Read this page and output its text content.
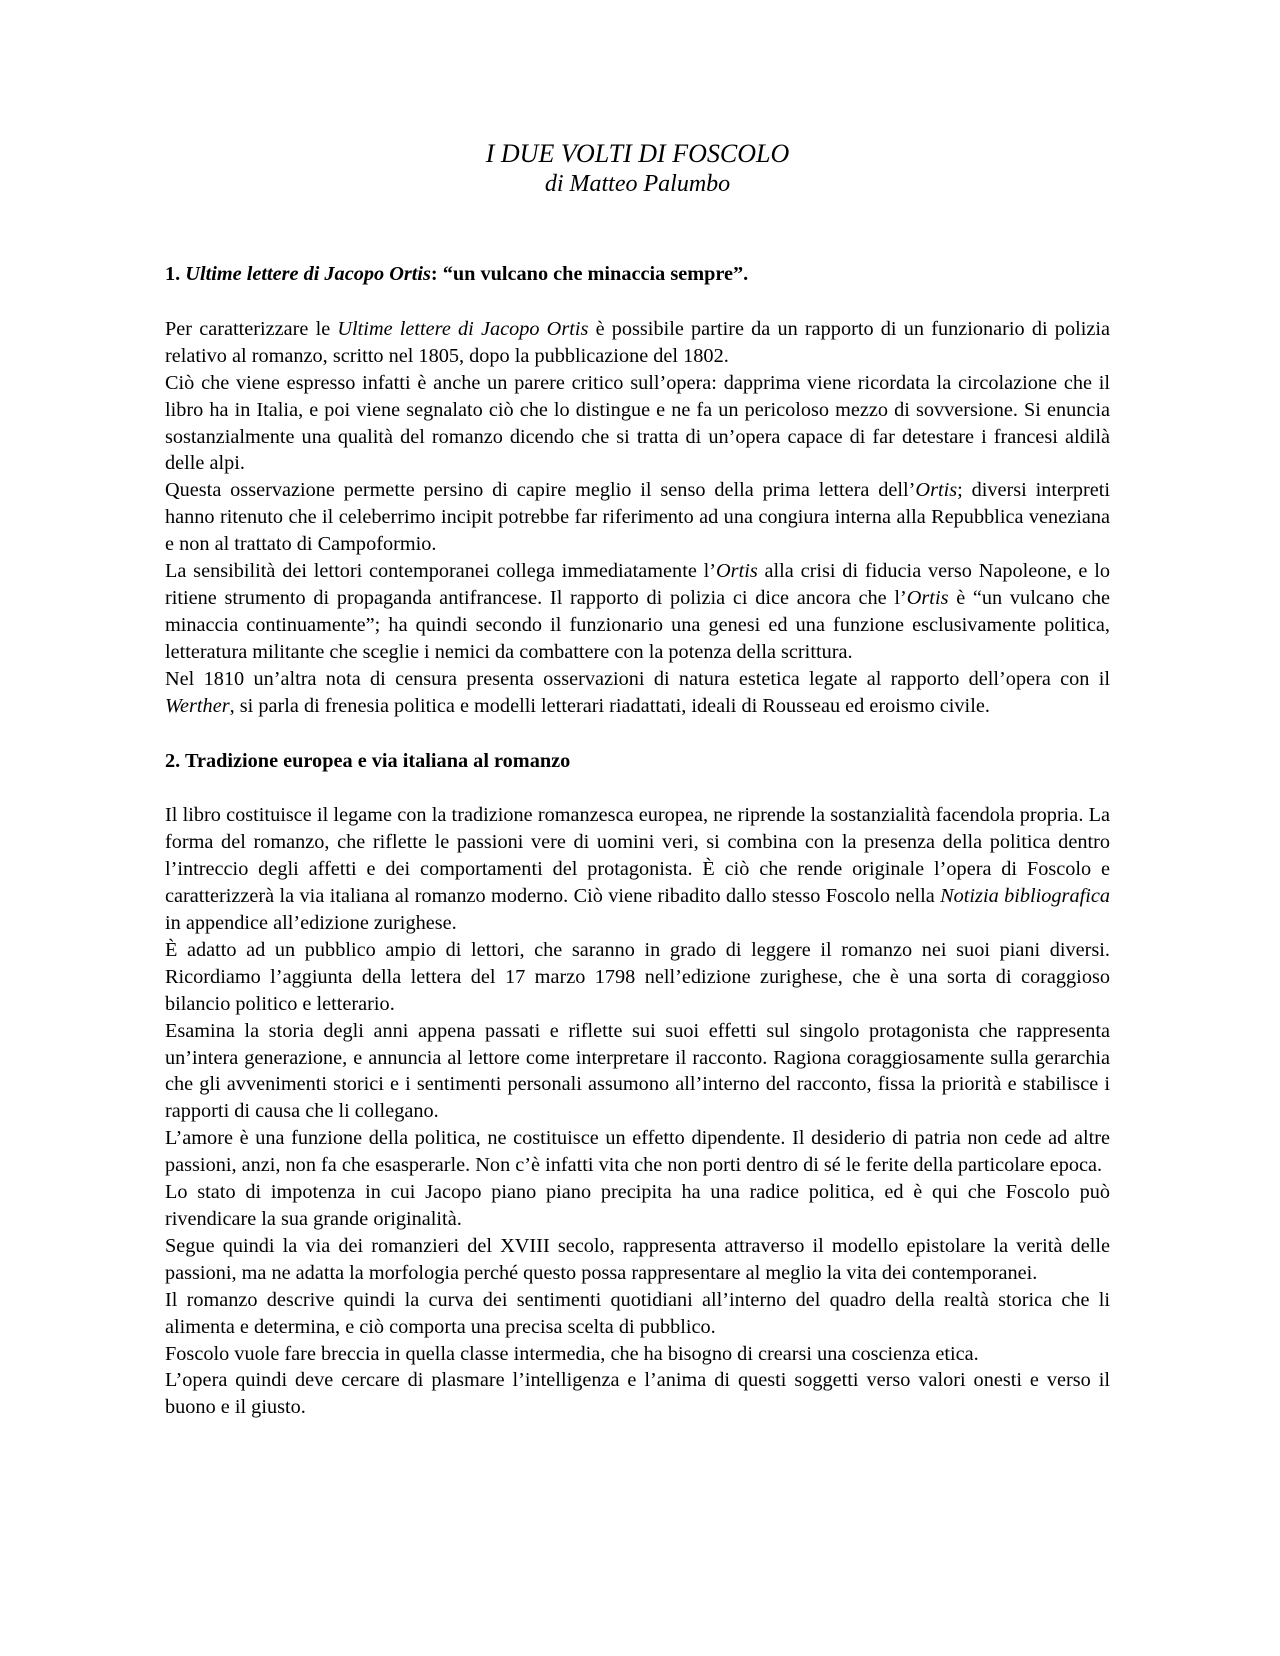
I DUE VOLTI DI FOSCOLO
di Matteo Palumbo
1. Ultime lettere di Jacopo Ortis: “un vulcano che minaccia sempre”.

Per caratterizzare le Ultime lettere di Jacopo Ortis è possibile partire da un rapporto di un funzionario di polizia relativo al romanzo, scritto nel 1805, dopo la pubblicazione del 1802.

Ciò che viene espresso infatti è anche un parere critico sull’opera: dapprima viene ricordata la circolazione che il libro ha in Italia, e poi viene segnalato ciò che lo distingue e ne fa un pericoloso mezzo di sovversione. Si enuncia sostanzialmente una qualità del romanzo dicendo che si tratta di un’opera capace di far detestare i francesi aldilà delle alpi.

Questa osservazione permette persino di capire meglio il senso della prima lettera dell’Ortis; diversi interpreti hanno ritenuto che il celeberrimo incipit potrebbe far riferimento ad una congiura interna alla Repubblica veneziana e non al trattato di Campoformio.

La sensibilità dei lettori contemporanei collega immediatamente l’Ortis alla crisi di fiducia verso Napoleone, e lo ritiene strumento di propaganda antifrancese. Il rapporto di polizia ci dice ancora che l’Ortis è “un vulcano che minaccia continuamente”; ha quindi secondo il funzionario una genesi ed una funzione esclusivamente politica, letteratura militante che sceglie i nemici da combattere con la potenza della scrittura.

Nel 1810 un’altra nota di censura presenta osservazioni di natura estetica legate al rapporto dell’opera con il Werther, si parla di frenesia politica e modelli letterari riadattati, ideali di Rousseau ed eroismo civile.

2. Tradizione europea e via italiana al romanzo

Il libro costituisce il legame con la tradizione romanzesca europea, ne riprende la sostanzialità facendola propria. La forma del romanzo, che riflette le passioni vere di uomini veri, si combina con la presenza della politica dentro l’intreccio degli affetti e dei comportamenti del protagonista. È ciò che rende originale l’opera di Foscolo e caratterizzerà la via italiana al romanzo moderno. Ciò viene ribadito dallo stesso Foscolo nella Notizia bibliografica in appendice all’edizione zurighese.

È adatto ad un pubblico ampio di lettori, che saranno in grado di leggere il romanzo nei suoi piani diversi. Ricordiamo l’aggiunta della lettera del 17 marzo 1798 nell’edizione zurighese, che è una sorta di coraggioso bilancio politico e letterario.

Esamina la storia degli anni appena passati e riflette sui suoi effetti sul singolo protagonista che rappresenta un’intera generazione, e annuncia al lettore come interpretare il racconto. Ragiona coraggiosamente sulla gerarchia che gli avvenimenti storici e i sentimenti personali assumono all’interno del racconto, fissa la priorità e stabilisce i rapporti di causa che li collegano.

L’amore è una funzione della politica, ne costituisce un effetto dipendente. Il desiderio di patria non cede ad altre passioni, anzi, non fa che esasperarle. Non c’è infatti vita che non porti dentro di sé le ferite della particolare epoca.

Lo stato di impotenza in cui Jacopo piano piano precipita ha una radice politica, ed è qui che Foscolo può rivendicare la sua grande originalità.

Segue quindi la via dei romanzieri del XVIII secolo, rappresenta attraverso il modello epistolare la verità delle passioni, ma ne adatta la morfologia perché questo possa rappresentare al meglio la vita dei contemporanei.

Il romanzo descrive quindi la curva dei sentimenti quotidiani all’interno del quadro della realtà storica che li alimenta e determina, e ciò comporta una precisa scelta di pubblico.

Foscolo vuole fare breccia in quella classe intermedia, che ha bisogno di crearsi una coscienza etica.

L’opera quindi deve cercare di plasmare l’intelligenza e l’anima di questi soggetti verso valori onesti e verso il buono e il giusto.
